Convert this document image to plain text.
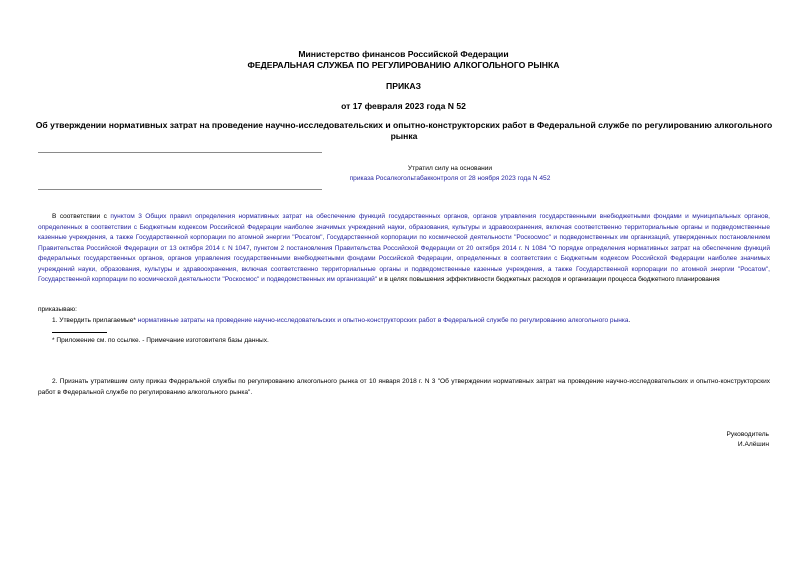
Министерство финансов Российской Федерации
ФЕДЕРАЛЬНАЯ СЛУЖБА ПО РЕГУЛИРОВАНИЮ АЛКОГОЛЬНОГО РЫНКА
ПРИКАЗ
от 17 февраля 2023 года N 52
Об утверждении нормативных затрат на проведение научно-исследовательских и опытно-конструкторских работ в Федеральной службе по регулированию алкогольного рынка
Утратил силу на основании
приказа Росалкогольтабакконтроля от 28 ноября 2023 года N 452
В соответствии с пунктом 3 Общих правил определения нормативных затрат на обеспечение функций государственных органов, органов управления государственными внебюджетными фондами и муниципальных органов, определенных в соответствии с Бюджетным кодексом Российской Федерации наиболее значимых учреждений науки, образования, культуры и здравоохранения, включая соответственно территориальные органы и подведомственные казенные учреждения, а также Государственной корпорации по атомной энергии "Росатом", Государственной корпорации по космической деятельности "Роскосмос" и подведомственных им организаций, утвержденных постановлением Правительства Российской Федерации от 13 октября 2014 г. N 1047, пунктом 2 постановления Правительства Российской Федерации от 20 октября 2014 г. N 1084 "О порядке определения нормативных затрат на обеспечение функций федеральных государственных органов, органов управления государственными внебюджетными фондами Российской Федерации, определенных в соответствии с Бюджетным кодексом Российской Федерации наиболее значимых учреждений науки, образования, культуры и здравоохранения, включая соответственно территориальные органы и подведомственные казенные учреждения, а также Государственной корпорации по атомной энергии "Росатом", Государственной корпорации по космической деятельности "Роскосмос" и подведомственных им организаций" и в целях повышения эффективности бюджетных расходов и организации процесса бюджетного планирования
приказываю:
1. Утвердить прилагаемые* нормативные затраты на проведение научно-исследовательских и опытно-конструкторских работ в Федеральной службе по регулированию алкогольного рынка.
* Приложение см. по ссылке. - Примечание изготовителя базы данных.
2. Признать утратившим силу приказ Федеральной службы по регулированию алкогольного рынка от 10 января 2018 г. N 3 "Об утверждении нормативных затрат на проведение научно-исследовательских и опытно-конструкторских работ в Федеральной службе по регулированию алкогольного рынка".
Руководитель
И.Алёшин
